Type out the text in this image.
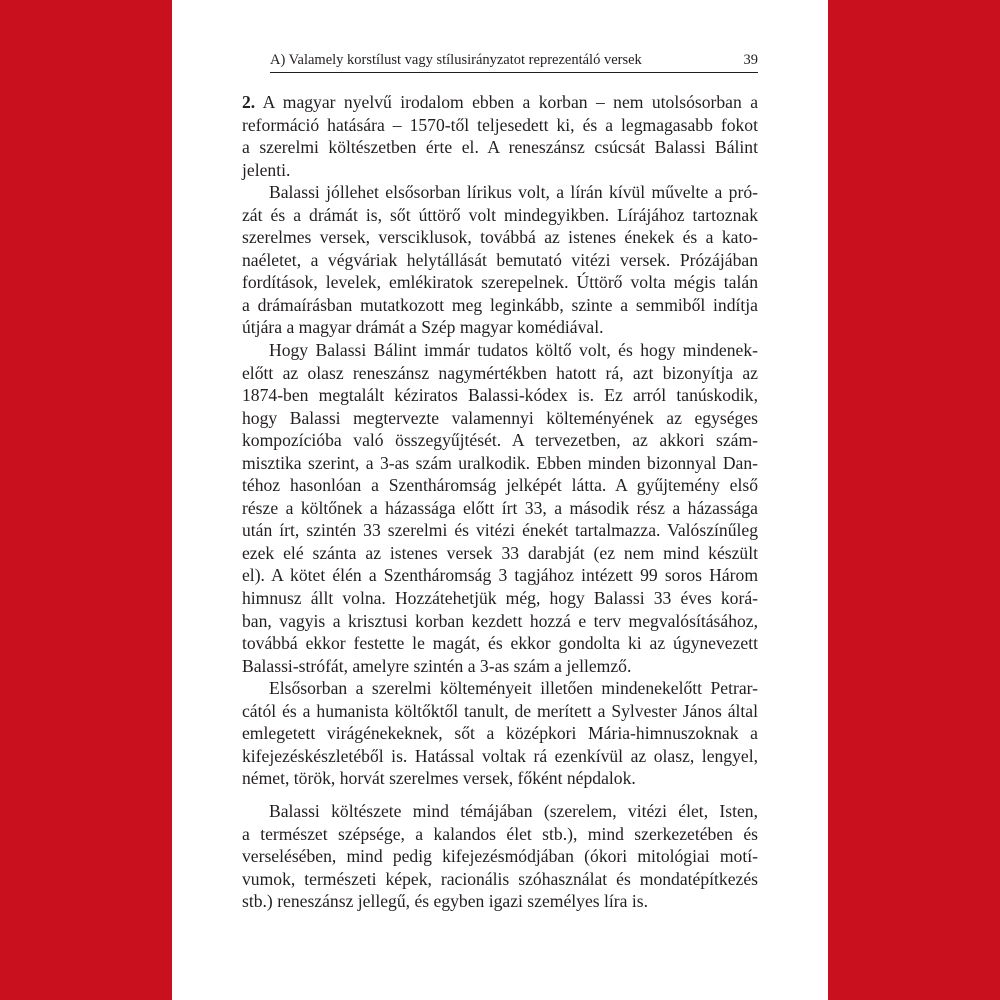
A) Valamely korstílust vagy stílusirányzatot reprezentáló versek	39

2. A magyar nyelvű irodalom ebben a korban – nem utolsósorban a
reformáció hatására – 1570-től teljesedett ki, és a legmagasabb fokot
a szerelmi költészetben érte el. A reneszánsz csúcsát Balassi Bálint
jelenti.

Balassi jóllehet elsősorban lírikus volt, a lírán kívül művelte a pró-
zát és a drámát is, sőt úttörő volt mindegyikben. Lírájához tartoznak
szerelmes versek, versciklusok, továbbá az istenes énekek és a kato-
naéletet, a végváriak helytállását bemutató vitézi versek. Prózájában
fordítások, levelek, emlékiratok szerepelnek. Úttörő volta mégis talán
a drámaírásban mutatkozott meg leginkább, szinte a semmiből indítja
útjára a magyar drámát a Szép magyar komédiával.

Hogy Balassi Bálint immár tudatos költő volt, és hogy mindenek-
előtt az olasz reneszánsz nagymértékben hatott rá, azt bizonyítja az
1874-ben megtalált kéziratos Balassi-kódex is. Ez arról tanúskodik,
hogy Balassi megtervezte valamennyi költeményének az egységes
kompozícióba való összegyűjtését. A tervezetben, az akkori szám-
misztika szerint, a 3-as szám uralkodik. Ebben minden bizonnyal Dan-
téhoz hasonlóan a Szentháromság jelképét látta. A gyűjtemény első
része a költőnek a házassága előtt írt 33, a második rész a házassága
után írt, szintén 33 szerelmi és vitézi énekét tartalmazza. Valószínűleg
ezek elé szánta az istenes versek 33 darabját (ez nem mind készült
el). A kötet élén a Szentháromság 3 tagjához intézett 99 soros Három
himnusz állt volna. Hozzátehetjük még, hogy Balassi 33 éves korá-
ban, vagyis a krisztusi korban kezdett hozzá e terv megvalósításához,
továbbá ekkor festette le magát, és ekkor gondolta ki az úgynevezett
Balassi-strófát, amelyre szintén a 3-as szám a jellemző.

Elsősorban a szerelmi költeményeit illetően mindenekelőtt Petrar-
cától és a humanista költőktől tanult, de merített a Sylvester János által
emlegetett virágénekeknek, sőt a középkori Mária-himnuszoknak a
kifejezéskészletéből is. Hatással voltak rá ezenkívül az olasz, lengyel,
német, török, horvát szerelmes versek, főként népdalok.

Balassi költészete mind témájában (szerelem, vitézi élet, Isten,
a természet szépsége, a kalandos élet stb.), mind szerkezetében és
verselésében, mind pedig kifejezésmódjában (ókori mitológiai motí-
vumok, természeti képek, racionális szóhasználat és mondatépítkezés
stb.) reneszánsz jellegű, és egyben igazi személyes líra is.
